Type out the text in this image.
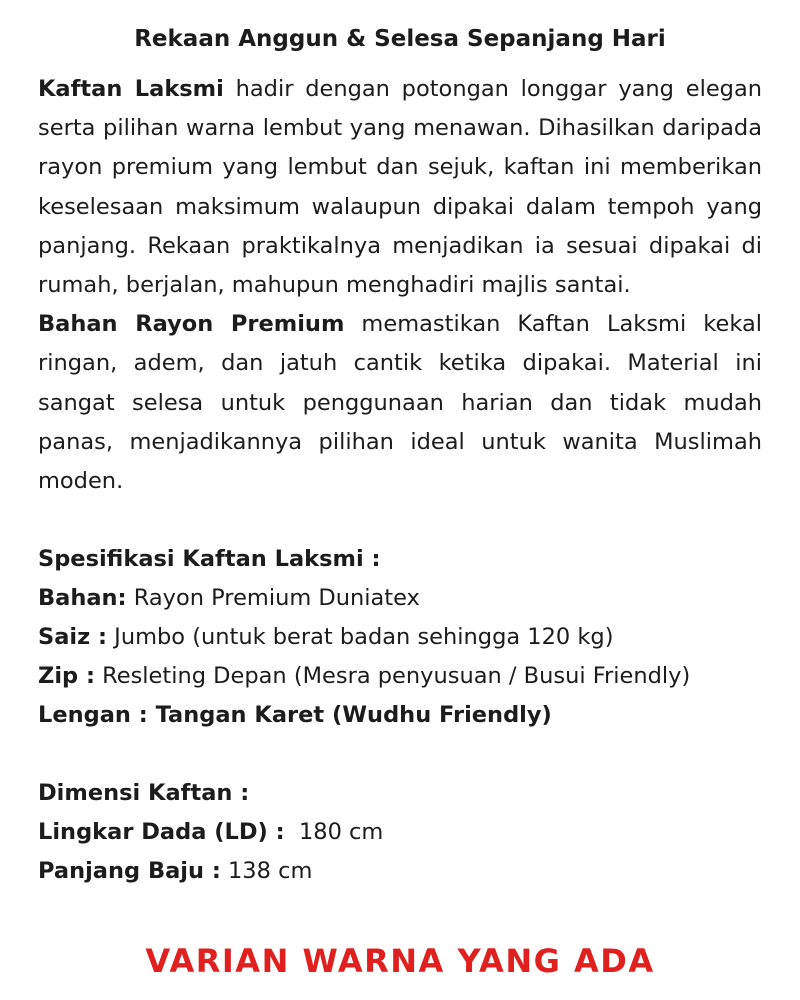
Rekaan Anggun & Selesa Sepanjang Hari

Kaftan Laksmi hadir dengan potongan longgar yang elegan serta pilihan warna lembut yang menawan. Dihasilkan daripada rayon premium yang lembut dan sejuk, kaftan ini memberikan keselesaan maksimum walaupun dipakai dalam tempoh yang panjang. Rekaan praktikalnya menjadikan ia sesuai dipakai di rumah, berjalan, mahupun menghadiri majlis santai.

Bahan Rayon Premium memastikan Kaftan Laksmi kekal ringan, adem, dan jatuh cantik ketika dipakai. Material ini sangat selesa untuk penggunaan harian dan tidak mudah panas, menjadikannya pilihan ideal untuk wanita Muslimah moden.

Spesifikasi Kaftan Laksmi :

Bahan: Rayon Premium Duniatex

Saiz : Jumbo (untuk berat badan sehingga 120 kg)

Zip : Resleting Depan (Mesra penyusuan / Busui Friendly)

Lengan : Tangan Karet (Wudhu Friendly)

Dimensi Kaftan :

Lingkar Dada (LD) :  180 cm

Panjang Baju : 138 cm

VARIAN WARNA YANG ADA
